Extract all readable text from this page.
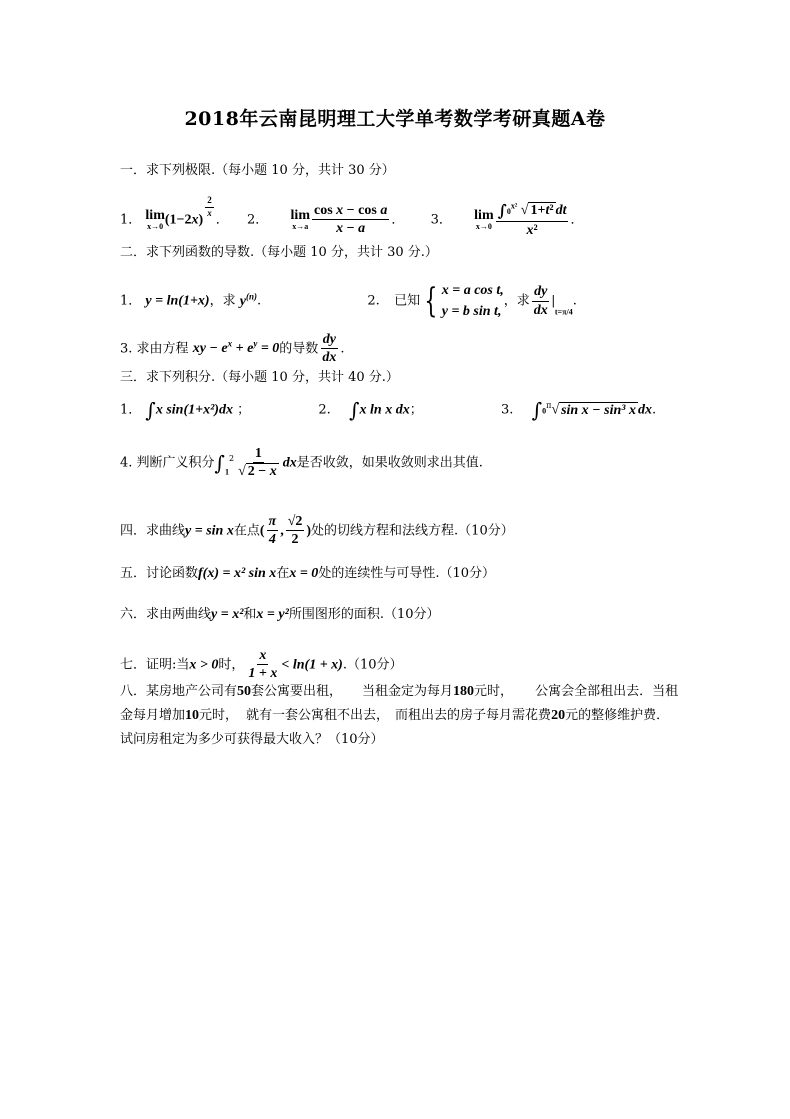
2018年云南昆明理工大学单考数学考研真题A卷
一．求下列极限.（每小题 10 分，共计 30 分）
1． lim
x→0 (1−2x)
$^{\frac{2}{x}}$
． 2． lim
$x\to a \frac{\text{cos x − cos a}}{x - a}$ ． 3． lim
$x\to 0 \frac{\int 0^{x^2} √ 1+t^2 dt}{\text{x²}}$ ．
二．求下列函数的导数.（每小题 10 分，共计 30 分.）
1． y = ln(1+x)，求 $y^{(n)}$.	2. 已知 { x = a cos t,
y = b sin t,
，求 $\frac{dy}{dx} |_{t=\pi/4}$.
3. 求由方程 xy − $e^x + e^y = 0$的导数 $\frac{dy}{dx}$ .
三．求下列积分.（每小题 10 分，共计 40 分.）
1． ∫x sin(1+x²)dx ；	2. ∫x ln x dx；	3. $\int 0^\pi√$ sin x − sin³ x dx.
4. 判断广义积分$\int_1^2 \frac{1}{√ 2 - x}$ dx是否收敛，如果收敛则求出其值.
四．求曲线y = sin x在点( $\frac{\pi}{4}$ , $\frac{√2}{2}$ )处的切线方程和法线方程.（10分）
五．讨论函数f(x) = x² sin x在x = 0处的连续性与可导性.（10分）
六．求由两曲线y = x²和x = y²所围图形的面积.（10分）
七．证明:当x > 0时， $\frac{x}{1 + x} < \ln(1 + x).(10$分）
八．某房地产公司有50套公寓要出租， 当租金定为每月180元时， 公寓会全部租出去．当租金每月增加10元时， 就有一套公寓租不出去， 而租出去的房子每月需花费20元的整修维护费．试问房租定为多少可获得最大收入？（10分）
